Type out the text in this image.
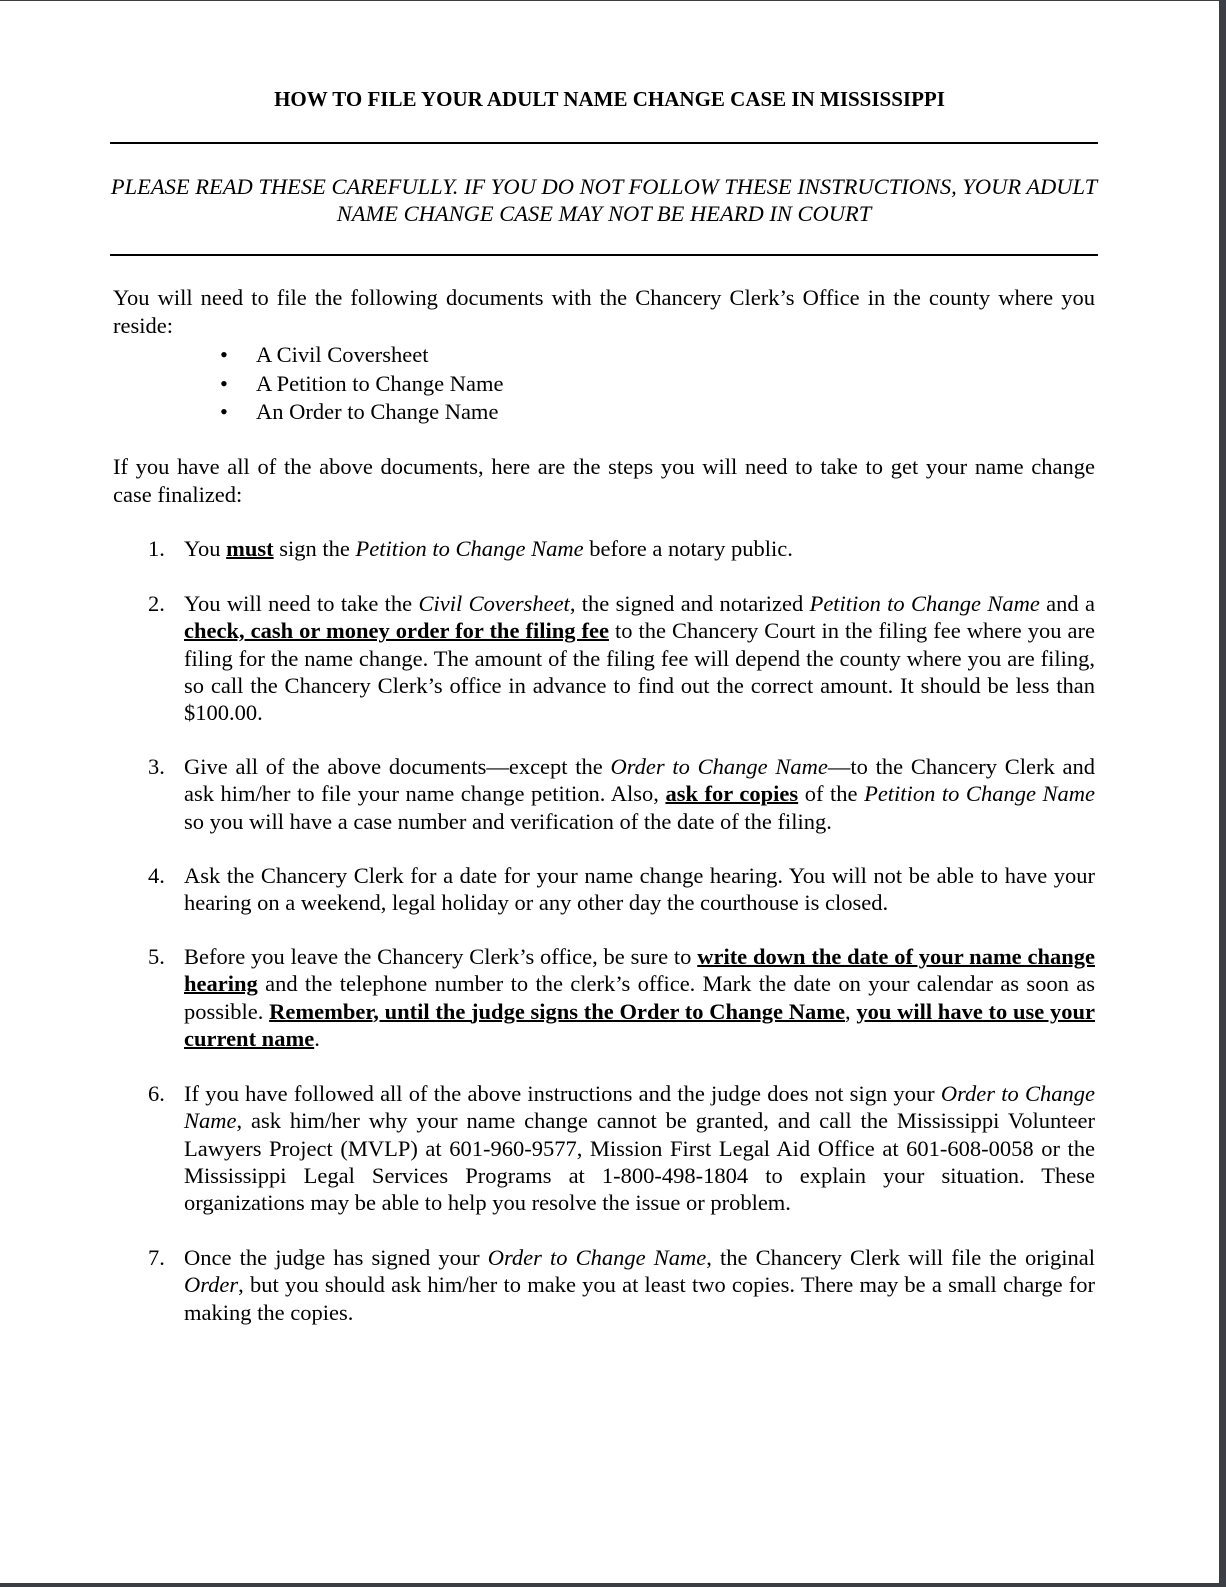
HOW TO FILE YOUR ADULT NAME CHANGE CASE IN MISSISSIPPI
PLEASE READ THESE CAREFULLY. IF YOU DO NOT FOLLOW THESE INSTRUCTIONS, YOUR ADULT NAME CHANGE CASE MAY NOT BE HEARD IN COURT
You will need to file the following documents with the Chancery Clerk’s Office in the county where you reside:
• A Civil Coversheet
• A Petition to Change Name
• An Order to Change Name
If you have all of the above documents, here are the steps you will need to take to get your name change case finalized:
1. You must sign the Petition to Change Name before a notary public.
2. You will need to take the Civil Coversheet, the signed and notarized Petition to Change Name and a check, cash or money order for the filing fee to the Chancery Court in the filing fee where you are filing for the name change. The amount of the filing fee will depend the county where you are filing, so call the Chancery Clerk’s office in advance to find out the correct amount. It should be less than $100.00.
3. Give all of the above documents—except the Order to Change Name—to the Chancery Clerk and ask him/her to file your name change petition. Also, ask for copies of the Petition to Change Name so you will have a case number and verification of the date of the filing.
4. Ask the Chancery Clerk for a date for your name change hearing. You will not be able to have your hearing on a weekend, legal holiday or any other day the courthouse is closed.
5. Before you leave the Chancery Clerk’s office, be sure to write down the date of your name change hearing and the telephone number to the clerk’s office. Mark the date on your calendar as soon as possible. Remember, until the judge signs the Order to Change Name, you will have to use your current name.
6. If you have followed all of the above instructions and the judge does not sign your Order to Change Name, ask him/her why your name change cannot be granted, and call the Mississippi Volunteer Lawyers Project (MVLP) at 601-960-9577, Mission First Legal Aid Office at 601-608-0058 or the Mississippi Legal Services Programs at 1-800-498-1804 to explain your situation. These organizations may be able to help you resolve the issue or problem.
7. Once the judge has signed your Order to Change Name, the Chancery Clerk will file the original Order, but you should ask him/her to make you at least two copies. There may be a small charge for making the copies.
